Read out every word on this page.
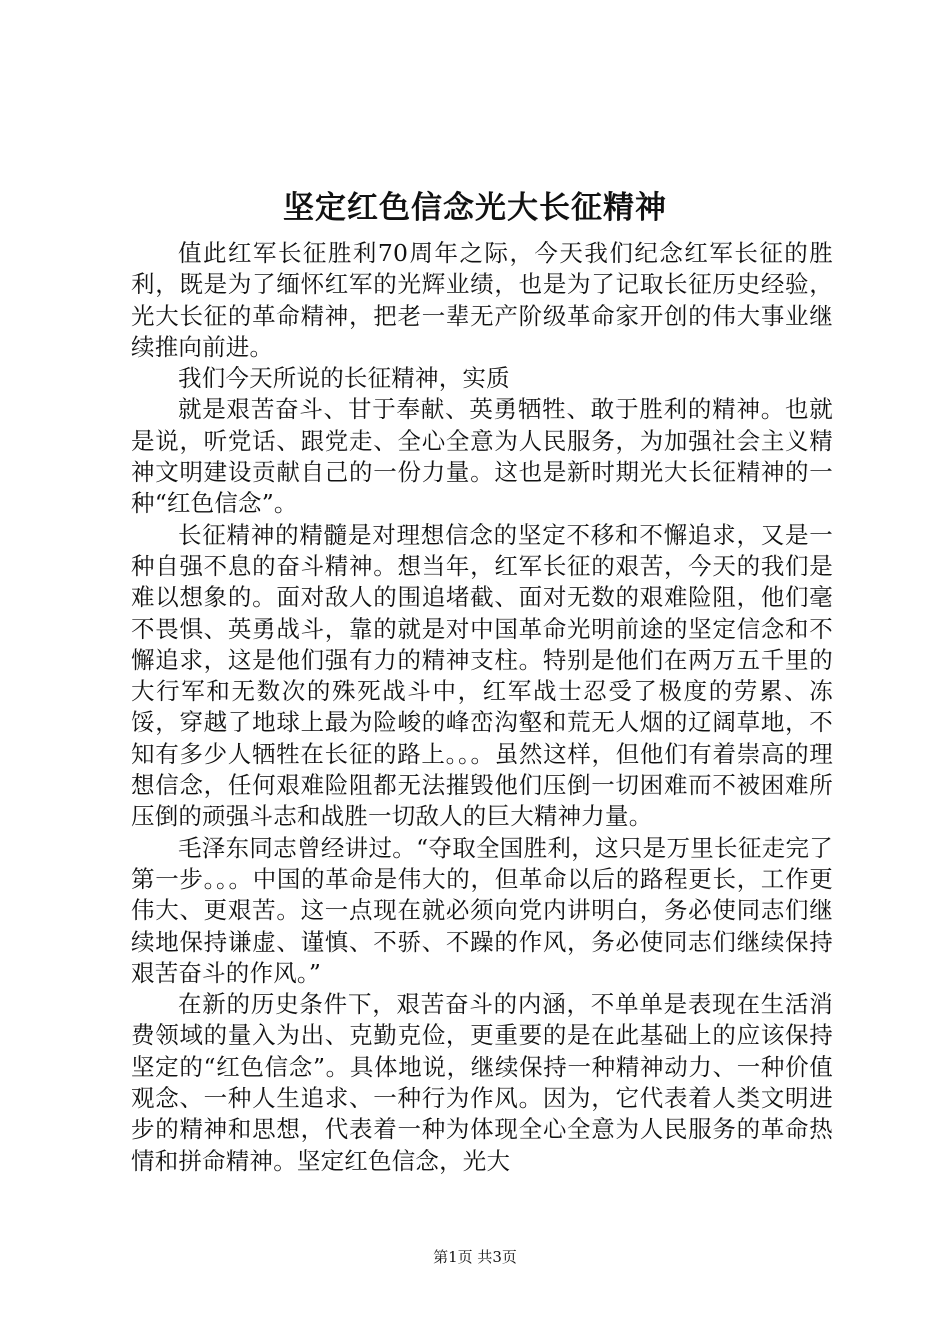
坚定红色信念光大长征精神

值此红军长征胜利70周年之际，今天我们纪念红军长征的胜利，既是为了缅怀红军的光辉业绩，也是为了记取长征历史经验，光大长征的革命精神，把老一辈无产阶级革命家开创的伟大事业继续推向前进。

我们今天所说的长征精神，实质

就是艰苦奋斗、甘于奉献、英勇牺牲、敢于胜利的精神。也就是说，听党话、跟党走、全心全意为人民服务，为加强社会主义精神文明建设贡献自己的一份力量。这也是新时期光大长征精神的一种“红色信念”。

长征精神的精髓是对理想信念的坚定不移和不懈追求，又是一种自强不息的奋斗精神。想当年，红军长征的艰苦，今天的我们是难以想象的。面对敌人的围追堵截、面对无数的艰难险阻，他们毫不畏惧、英勇战斗，靠的就是对中国革命光明前途的坚定信念和不懈追求，这是他们强有力的精神支柱。特别是他们在两万五千里的大行军和无数次的殊死战斗中，红军战士忍受了极度的劳累、冻馁，穿越了地球上最为险峻的峰峦沟壑和荒无人烟的辽阔草地，不知有多少人牺牲在长征的路上。。。虽然这样，但他们有着崇高的理想信念，任何艰难险阻都无法摧毁他们压倒一切困难而不被困难所压倒的顽强斗志和战胜一切敌人的巨大精神力量。

毛泽东同志曾经讲过。“夺取全国胜利，这只是万里长征走完了第一步。。。中国的革命是伟大的，但革命以后的路程更长，工作更伟大、更艰苦。这一点现在就必须向党内讲明白，务必使同志们继续地保持谦虚、谨慎、不骄、不躁的作风，务必使同志们继续保持艰苦奋斗的作风。”

在新的历史条件下，艰苦奋斗的内涵，不单单是表现在生活消费领域的量入为出、克勤克俭，更重要的是在此基础上的应该保持坚定的“红色信念”。具体地说，继续保持一种精神动力、一种价值观念、一种人生追求、一种行为作风。因为，它代表着人类文明进步的精神和思想，代表着一种为体现全心全意为人民服务的革命热情和拼命精神。坚定红色信念，光大

第1页 共3页
